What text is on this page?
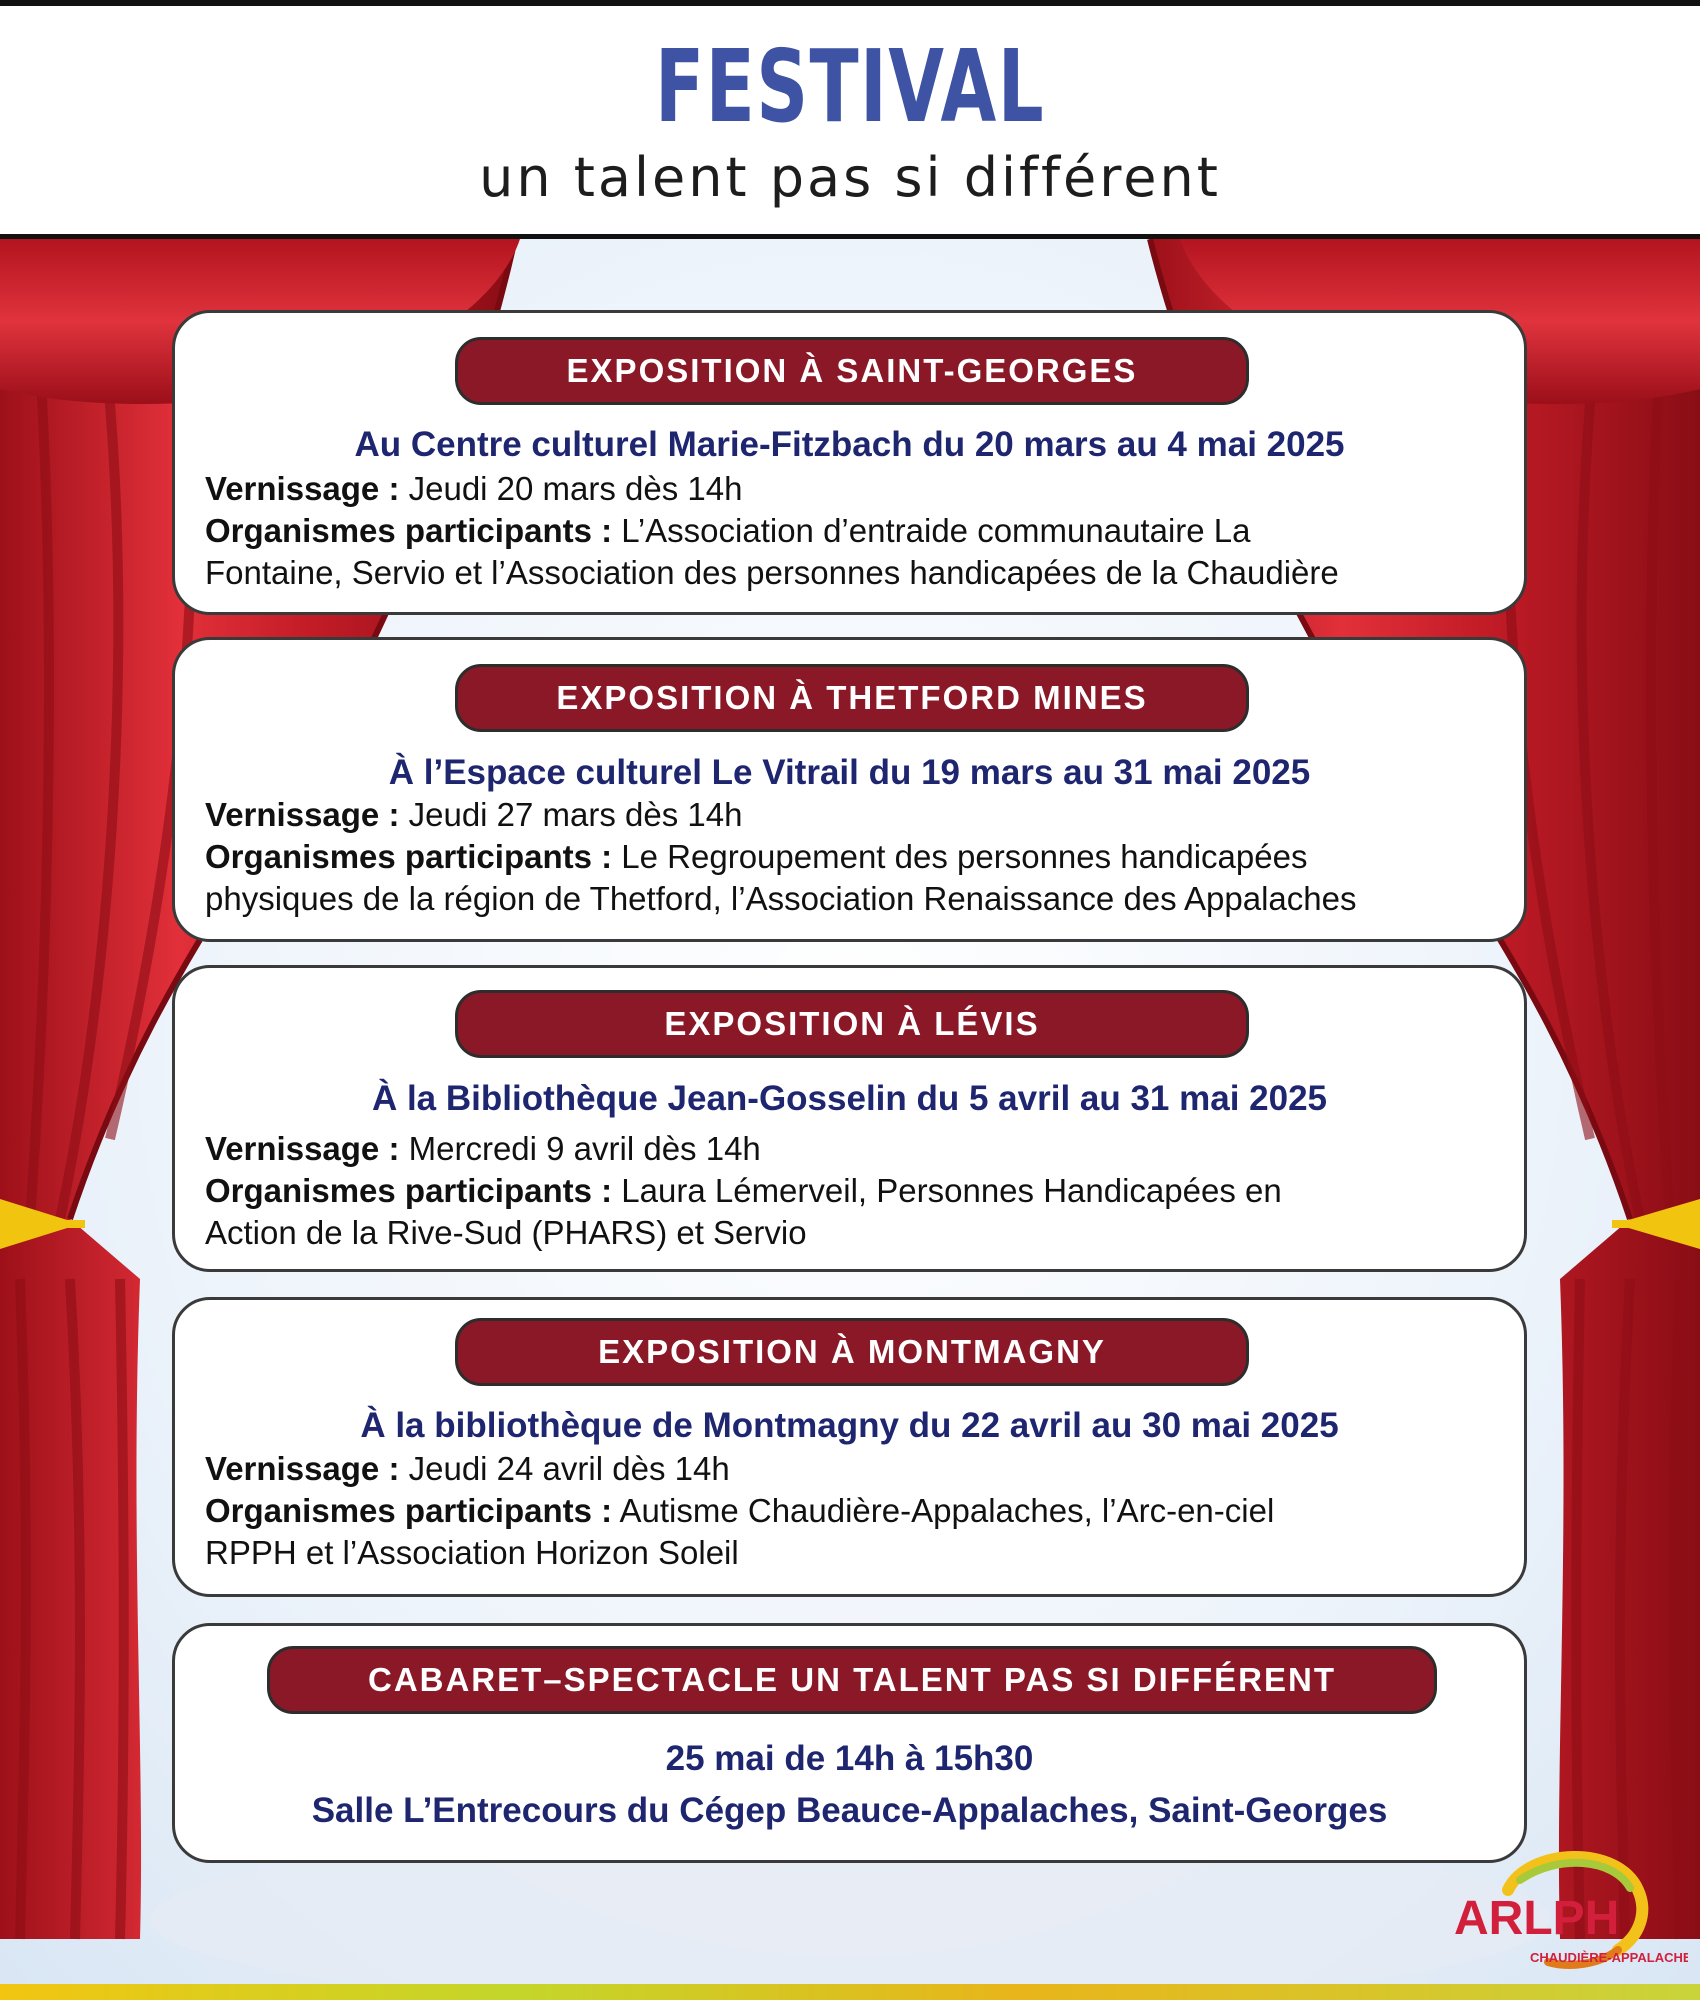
FESTIVAL
un talent pas si différent
EXPOSITION À SAINT-GEORGES
Au Centre culturel Marie-Fitzbach du 20 mars au 4 mai 2025
Vernissage : Jeudi 20 mars dès 14h
Organismes participants : L’Association d’entraide communautaire La
Fontaine, Servio et l’Association des personnes handicapées de la Chaudière
EXPOSITION À THETFORD MINES
À l’Espace culturel Le Vitrail du 19 mars au 31 mai 2025
Vernissage : Jeudi 27 mars dès 14h
Organismes participants : Le Regroupement des personnes handicapées
physiques de la région de Thetford, l’Association Renaissance des Appalaches
EXPOSITION À LÉVIS
À la Bibliothèque Jean-Gosselin du 5 avril au 31 mai 2025
Vernissage : Mercredi 9 avril dès 14h
Organismes participants : Laura Lémerveil, Personnes Handicapées en
Action de la Rive-Sud (PHARS) et Servio
EXPOSITION À MONTMAGNY
À la bibliothèque de Montmagny du 22 avril au 30 mai 2025
Vernissage : Jeudi 24 avril dès 14h
Organismes participants : Autisme Chaudière-Appalaches, l’Arc-en-ciel
RPPH et l’Association Horizon Soleil
CABARET–SPECTACLE UN TALENT PAS SI DIFFÉRENT
25 mai de 14h à 15h30
Salle L’Entrecours du Cégep Beauce-Appalaches, Saint-Georges
ARLPH
CHAUDIÈRE-APPALACHES
